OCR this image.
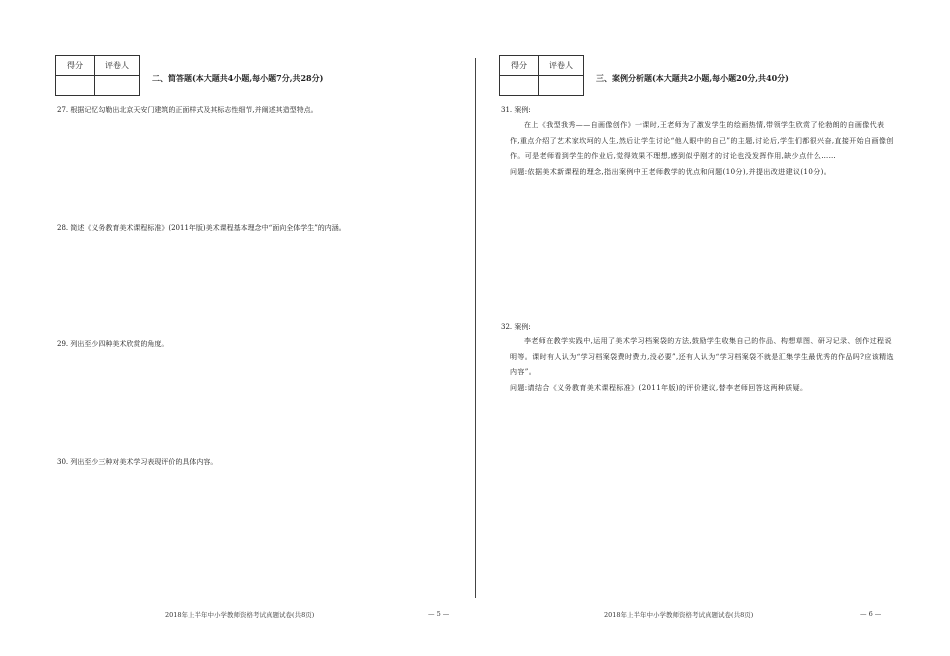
得分	评卷人

二、简答题(本大题共4小题,每小题7分,共28分)
27. 根据记忆勾勒出北京天安门建筑的正面样式及其标志性细节,并阐述其造型特点。
28. 简述《义务教育美术课程标准》(2011年版)美术课程基本理念中“面向全体学生”的内涵。
29. 列出至少四种美术欣赏的角度。
30. 列出至少三种对美术学习表现评价的具体内容。
2018年上半年中小学教师资格考试真题试卷(共8页)	— 5 —
得分	评卷人

三、案例分析题(本大题共2小题,每小题20分,共40分)
31. 案例:

在上《我型我秀——自画像创作》一课时,王老师为了激发学生的绘画热情,带领学生欣赏了伦勃朗的自画像代表作,重点介绍了艺术家坎坷的人生,然后让学生讨论“他人眼中的自己”的主题,讨论后,学生们都很兴奋,直接开始自画像创作。可是老师看到学生的作业后,觉得效果不理想,感到似乎刚才的讨论也没发挥作用,缺少点什么……

问题:依据美术新课程的理念,指出案例中王老师教学的优点和问题(10分),并提出改进建议(10分)。

32. 案例:

李老师在教学实践中,运用了美术学习档案袋的方法,鼓励学生收集自己的作品、构想草图、研习记录、创作过程说明等。课时有人认为“学习档案袋费时费力,没必要”,还有人认为“学习档案袋不就是汇集学生最优秀的作品吗?应该精选内容”。

问题:请结合《义务教育美术课程标准》(2011年版)的评价建议,替李老师回答这两种质疑。

2018年上半年中小学教师资格考试真题试卷(共8页)	— 6 —
